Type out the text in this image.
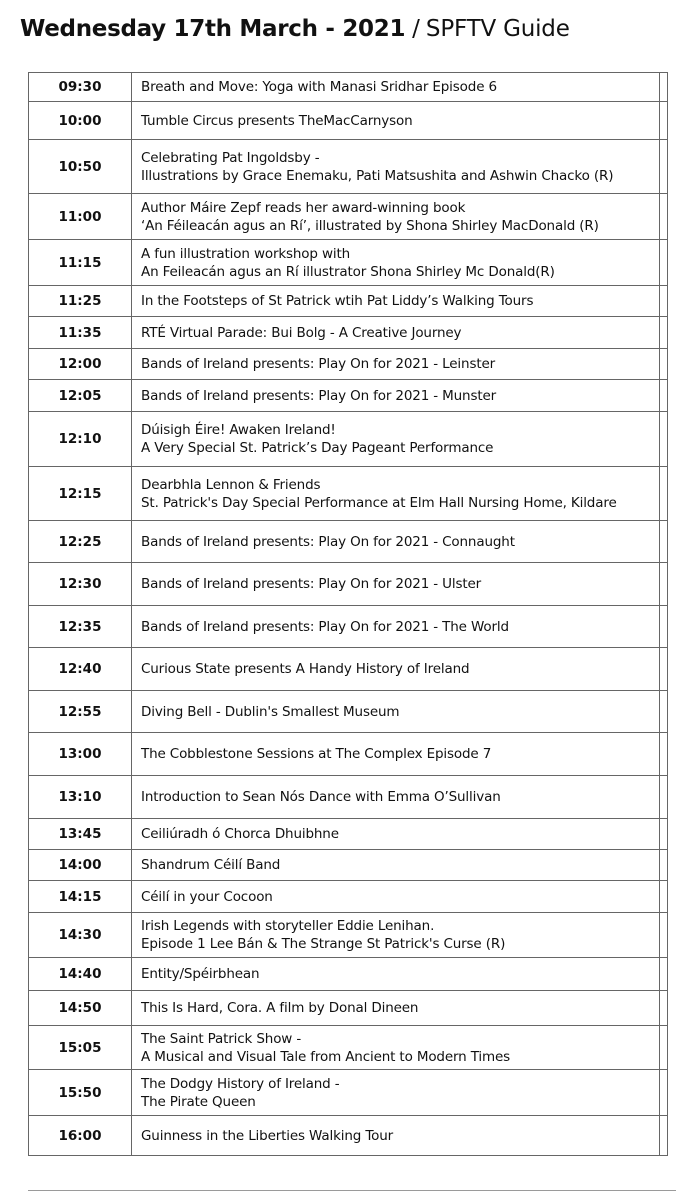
Wednesday 17th March - 2021 / SPFTV Guide
09:30	Breath and Move: Yoga with Manasi Sridhar Episode 6	
10:00	Tumble Circus presents TheMacCarnyson	
10:50	Celebrating Pat Ingoldsby -
Illustrations by Grace Enemaku, Pati Matsushita and Ashwin Chacko (R)	
11:00	Author Máire Zepf reads her award-winning book
‘An Féileacán agus an Rí’, illustrated by Shona Shirley MacDonald (R)	
11:15	A fun illustration workshop with
An Feileacán agus an Rí illustrator Shona Shirley Mc Donald(R)	
11:25	In the Footsteps of St Patrick wtih Pat Liddy’s Walking Tours	
11:35	RTÉ Virtual Parade: Bui Bolg - A Creative Journey	
12:00	Bands of Ireland presents: Play On for 2021 - Leinster	
12:05	Bands of Ireland presents: Play On for 2021 - Munster	
12:10	Dúisigh Éire! Awaken Ireland!
A Very Special St. Patrick’s Day Pageant Performance	
12:15	Dearbhla Lennon & Friends
St. Patrick's Day Special Performance at Elm Hall Nursing Home, Kildare	
12:25	Bands of Ireland presents: Play On for 2021 - Connaught	
12:30	Bands of Ireland presents: Play On for 2021 - Ulster	
12:35	Bands of Ireland presents: Play On for 2021 - The World	
12:40	Curious State presents A Handy History of Ireland	
12:55	Diving Bell - Dublin's Smallest Museum	
13:00	The Cobblestone Sessions at The Complex Episode 7	
13:10	Introduction to Sean Nós Dance with Emma O’Sullivan	
13:45	Ceiliúradh ó Chorca Dhuibhne	
14:00	Shandrum Céilí Band	
14:15	Céilí in your Cocoon	
14:30	Irish Legends with storyteller Eddie Lenihan.
Episode 1 Lee Bán & The Strange St Patrick's Curse (R)	
14:40	Entity/Spéirbhean	
14:50	This Is Hard, Cora. A film by Donal Dineen	
15:05	The Saint Patrick Show -
A Musical and Visual Tale from Ancient to Modern Times	
15:50	The Dodgy History of Ireland -
The Pirate Queen	
16:00	Guinness in the Liberties Walking Tour	
